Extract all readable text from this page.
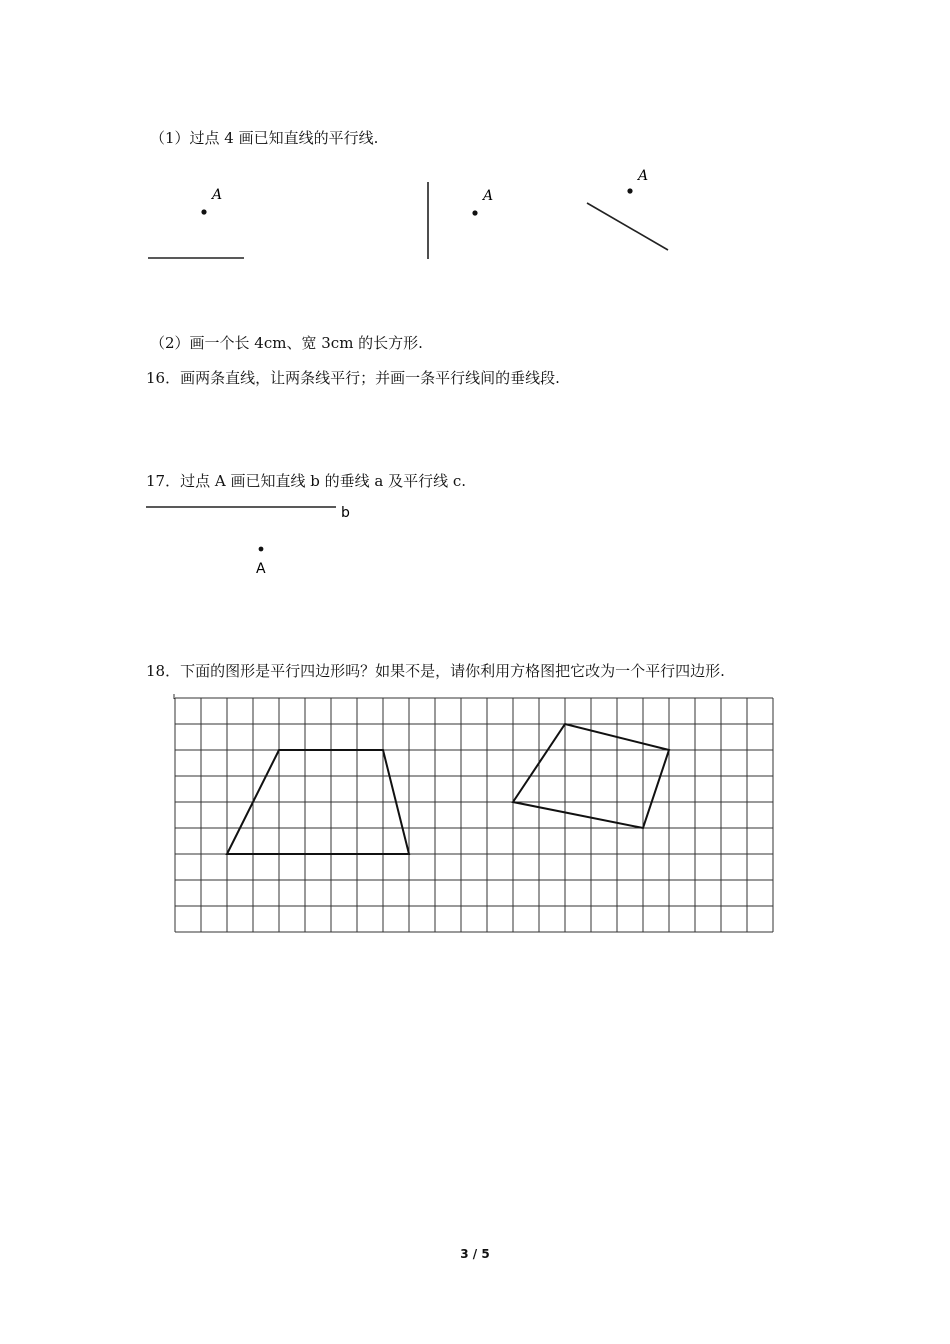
（1）过点 4 画已知直线的平行线.
A	A
A
（2）画一个长 4cm、宽 3cm 的长方形.
16．画两条直线，让两条线平行；并画一条平行线间的垂线段.
17．过点 A 画已知直线 b 的垂线 a 及平行线 c.
b
A
18．下面的图形是平行四边形吗？如果不是，请你利用方格图把它改为一个平行四边形.
3 / 5
